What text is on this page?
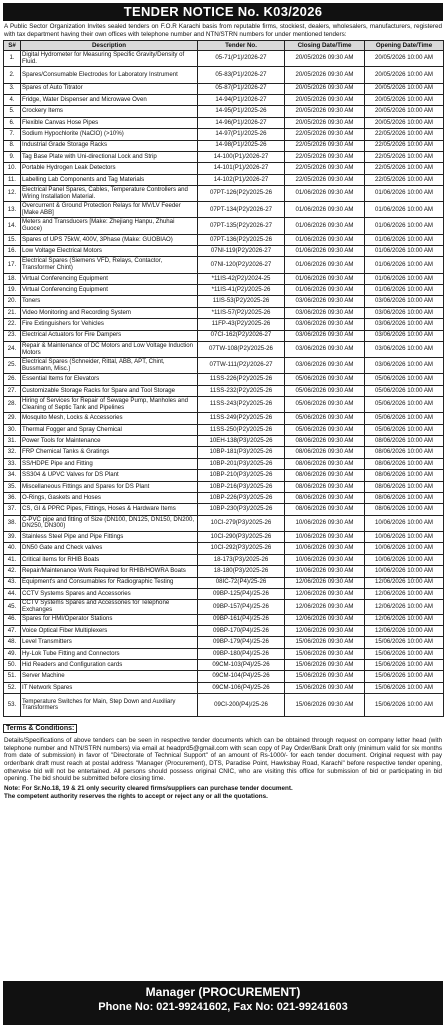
TENDER NOTICE No. K03/2026
A Public Sector Organization Invites sealed tenders on F.O.R Karachi basis from reputable firms, stockiest, dealers, wholesalers, manufacturers, registered with tax department having their own offices with telephone number and NTN/STRN numbers for under mentioned tenders:
S#	Description	Tender No.	Closing Date/Time	Opening Date/Time
1.	Digital Hydrometer for Measuring Specific Gravity/Density of Fluid.	05-71(P1)/2026-27	20/05/2026 09:30 AM	20/05/2026 10:00 AM
2.	Spares/Consumable Electrodes for Laboratory Instrument	05-83(P1)/2026-27	20/05/2026 09:30 AM	20/05/2026 10:00 AM
3.	Spares of Auto Titrator	05-87(P1)/2026-27	20/05/2026 09:30 AM	20/05/2026 10:00 AM
4.	Fridge, Water Dispenser and Microwave Oven	14-94(P1)/2026-27	20/05/2026 09:30 AM	20/05/2026 10:00 AM
5.	Crockery Items	14-95(P1)/2025-26	20/05/2026 09:30 AM	20/05/2026 10:00 AM
6.	Flexible Canvas Hose Pipes	14-96(P1)/2026-27	20/05/2026 09:30 AM	20/05/2026 10:00 AM
7.	Sodium Hypochlorite (NaClO) (>10%)	14-97(P1)/2025-26	22/05/2026 09:30 AM	22/05/2026 10:00 AM
8.	Industrial Grade Storage Racks	14-98(P1)/2025-26	22/05/2026 09:30 AM	22/05/2026 10:00 AM
9.	Tag Base Plate with Uni-directional Lock and Strip	14-100(P1)/2026-27	22/05/2026 09:30 AM	22/05/2026 10:00 AM
10.	Portable Hydrogen Leak Detectors	14-101(P1)/2026-27	22/05/2026 09:30 AM	22/05/2026 10:00 AM
11.	Labelling Lab Components and Tag Materials	14-102(P1)/2026-27	22/05/2026 09:30 AM	22/05/2026 10:00 AM
12.	Electrical Panel Spares, Cables, Temperature Controllers and Wiring Installation Material.	07PT-126(P2)/2025-26	01/06/2026 09:30 AM	01/06/2026 10:00 AM
13.	Overcurrent & Ground Protection Relays for MV/LV Feeder [Make ABB]	07PT-134(P2)/2026-27	01/06/2026 09:30 AM	01/06/2026 10:00 AM
14.	Meters and Transducers [Make: Zhejiang Hanpu, Zhuhai Guoce)	07PT-135(P2)/2026-27	01/06/2026 09:30 AM	01/06/2026 10:00 AM
15.	Spares of UPS 75kW, 400V, 3Phase (Make: GUOBIAO)	07PT-136(P2)/2025-26	01/06/2026 09:30 AM	01/06/2026 10:00 AM
16.	Low Voltage Electrical Motors	07NI-119(P2)/2026-27	01/06/2026 09:30 AM	01/06/2026 10:00 AM
17.	Electrical Spares (Siemens VFD, Relays, Contactor, Transformer Chint)	07NI-120(P2)/2026-27	01/06/2026 09:30 AM	01/06/2026 10:00 AM
18.	Virtual Conferencing Equipment	*11IS-42(P2)/2024-25	01/06/2026 09:30 AM	01/06/2026 10:00 AM
19.	Virtual Conferencing Equipment	*11IS-41(P2)/2025-26	01/06/2026 09:30 AM	01/06/2026 10:00 AM
20.	Toners	11IS-53(P2)/2025-26	03/06/2026 09:30 AM	03/06/2026 10:00 AM
21.	Video Monitoring and Recording System	*11IS-57(P2)/2025-26	03/06/2026 09:30 AM	03/06/2026 10:00 AM
22.	Fire Extinguishers for Vehicles	11FP-43(P2)/2025-26	03/06/2026 09:30 AM	03/06/2026 10:00 AM
23.	Electrical Actuators for Fire Dampers	07CI-162(P2)/2026-27	03/06/2026 09:30 AM	03/06/2026 10:00 AM
24.	Repair & Maintenance of DC Motors and Low Voltage Induction Motors	07TW-108(P2)/2025-26	03/06/2026 09:30 AM	03/06/2026 10:00 AM
25.	Electrical Spares (Schneider, Rittal, ABB, APT, Chint, Bussmann, Misc.)	07TW-111(P2)/2026-27	03/06/2026 09:30 AM	03/06/2026 10:00 AM
26.	Essential Items for Elevators	11SS-226(P2)/2025-26	05/06/2026 09:30 AM	05/06/2026 10:00 AM
27.	Customizable Storage Racks for Spare and Tool Storage	11SS-232(P2)/2025-26	05/06/2026 09:30 AM	05/06/2026 10:00 AM
28.	Hiring of Services for Repair of Sewage Pump, Manholes and Cleaning of Septic Tank and Pipelines	11SS-243(P2)/2025-26	05/06/2026 09:30 AM	05/06/2026 10:00 AM
29.	Mosquito Mesh, Locks & Accessories	11SS-249(P2)/2025-26	05/06/2026 09:30 AM	05/06/2026 10:00 AM
30.	Thermal Fogger and Spray Chemical	11SS-250(P2)/2025-26	05/06/2026 09:30 AM	05/06/2026 10:00 AM
31.	Power Tools for Maintenance	10EH-138(P3)/2025-26	08/06/2026 09:30 AM	08/06/2026 10:00 AM
32.	FRP Chemical Tanks & Gratings	10BP-181(P3)/2025-26	08/06/2026 09:30 AM	08/06/2026 10:00 AM
33.	SS/HDPE Pipe and Fitting	10BP-201(P3)/2025-26	08/06/2026 09:30 AM	08/06/2026 10:00 AM
34.	SS304 & UPVC Valves for DS Plant	10BP-210(P3)/2025-26	08/06/2026 09:30 AM	08/06/2026 10:00 AM
35.	Miscellaneous Fittings and Spares for DS Plant	10BP-216(P3)/2025-26	08/06/2026 09:30 AM	08/06/2026 10:00 AM
36.	O-Rings, Gaskets and Hoses	10BP-226(P3)/2025-26	08/06/2026 09:30 AM	08/06/2026 10:00 AM
37.	CS, GI & PPRC Pipes, Fittings, Hoses & Hardware Items	10BP-230(P3)/2025-26	08/06/2026 09:30 AM	08/06/2026 10:00 AM
38.	C-PVC pipe and fitting of Size (DN100, DN125, DN150, DN200, DN250, DN300)	10CI-279(P3)/2025-26	10/06/2026 09:30 AM	10/06/2026 10:00 AM
39.	Stainless Steel Pipe and Pipe Fittings	10CI-290(P3)/2025-26	10/06/2026 09:30 AM	10/06/2026 10:00 AM
40.	DN50 Gate and Check valves	10CI-292(P3)/2025-26	10/06/2026 09:30 AM	10/06/2026 10:00 AM
41.	Critical items for RHIB Boats	18-173(P3)/2025-26	10/06/2026 09:30 AM	10/06/2026 10:00 AM
42.	Repair/Maintenance Work Required for RHIB/HOWRA Boats	18-180(P3)/2025-26	10/06/2026 09:30 AM	10/06/2026 10:00 AM
43.	Equipment's and Consumables for Radiographic Testing	08IC-72(P4)/25-26	12/06/2026 09:30 AM	12/06/2026 10:00 AM
44.	CCTV Systems Spares and Accessories	09BP-125(P4)/25-26	12/06/2026 09:30 AM	12/06/2026 10:00 AM
45.	CCTV Systems Spares and Accessories for Telephone Exchanges	09BP-157(P4)/25-26	12/06/2026 09:30 AM	12/06/2026 10:00 AM
46.	Spares for HMI/Operator Stations	09BP-161(P4)/25-26	12/06/2026 09:30 AM	12/06/2026 10:00 AM
47.	Voice Optical Fiber Multiplexers	09BP-170(P4)/25-26	12/06/2026 09:30 AM	12/06/2026 10:00 AM
48.	Level Transmitters	09BP-179(P4)/25-26	15/06/2026 09:30 AM	15/06/2026 10:00 AM
49.	Hy-Lok Tube Fitting and Connectors	09BP-180(P4)/25-26	15/06/2026 09:30 AM	15/06/2026 10:00 AM
50.	Hid Readers and Configuration cards	09CM-103(P4)/25-26	15/06/2026 09:30 AM	15/06/2026 10:00 AM
51.	Server Machine	09CM-104(P4)/25-26	15/06/2026 09:30 AM	15/06/2026 10:00 AM
52.	IT Network Spares	09CM-106(P4)/25-26	15/06/2026 09:30 AM	15/06/2026 10:00 AM
53.	Temperature Switches for Main, Step Down and Auxiliary Transformers	09CI-200(P4)/25-26	15/06/2026 09:30 AM	15/06/2026 10:00 AM
Terms & Conditions:
Details/Specifications of above tenders can be seen in respective tender documents which can be obtained through request on company letter head (with telephone number and NTN/STRN numbers) via email at headprd5@gmail.com with scan copy of Pay Order/Bank Draft only (minimum valid for six months from date of submission) in favor of "Directorate of Technical Support" of an amount of Rs-1000/- for each tender document. Original request with pay order/bank draft must reach at postal address "Manager (Procurement), DTS, Paradise Point, Hawksbay Road, Karachi" before respective tender opening, otherwise bid will not be entertained. All persons should possess original CNIC, who are visiting this office for submission of bid or participating in bid opening. The bid should be submitted before closing time.
Note: For Sr.No.18, 19 & 21 only security cleared firms/suppliers can purchase tender document.
The competent authority reserves the rights to accept or reject any or all the quotations.
Manager (PROCUREMENT)
Phone No: 021-99241602, Fax No: 021-99241603
